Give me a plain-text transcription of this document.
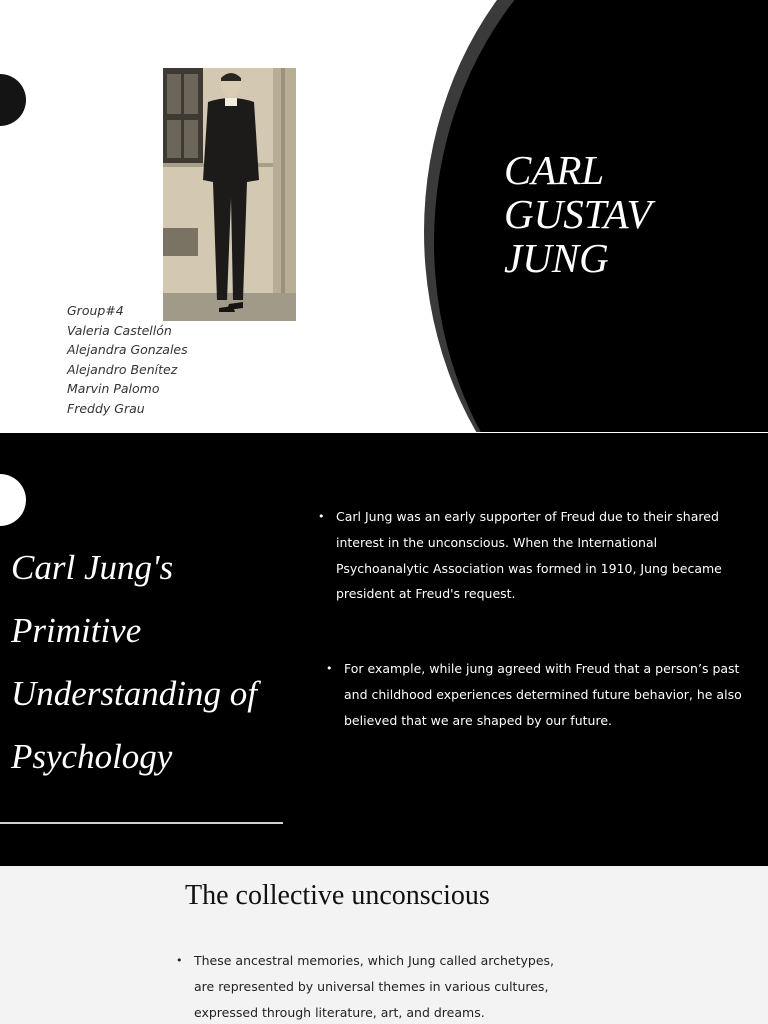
CARL
GUSTAV
JUNG
Group#4
Valeria Castellón
Alejandra Gonzales
Alejandro Benítez
Marvin Palomo
Freddy Grau
Carl Jung's
Primitive
Understanding of
Psychology

• Carl Jung was an early supporter of Freud due to their shared interest in the unconscious. When the International Psychoanalytic Association was formed in 1910, Jung became president at Freud's request.

• For example, while jung agreed with Freud that a person’s past and childhood experiences determined future behavior, he also believed that we are shaped by our future.

The collective unconscious

• These ancestral memories, which Jung called archetypes, are represented by universal themes in various cultures, expressed through literature, art, and dreams.
